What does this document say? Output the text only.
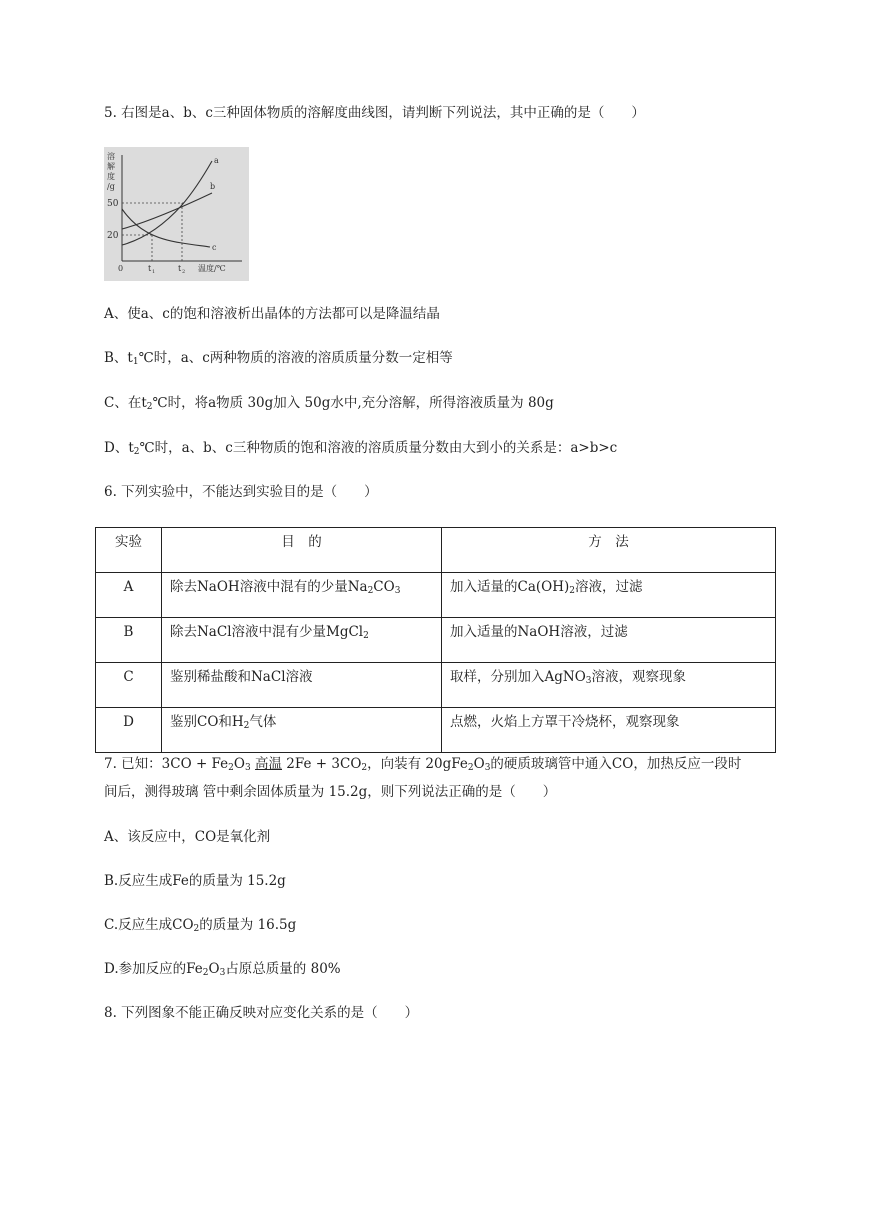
5. 右图是a、b、c三种固体物质的溶解度曲线图，请判断下列说法，其中正确的是（　　）
溶
解
度
/g
50
20
0	t 1	t 2 温度/℃
a
b
c
A、使a、c的饱和溶液析出晶体的方法都可以是降温结晶
B、$t_1℃$时，a、c两种物质的溶液的溶质质量分数一定相等
C、在$t_2℃$时，将a物质 30g加入 50g水中,充分溶解，所得溶液质量为 80g
D、$t_2℃$时，a、b、c三种物质的饱和溶液的溶质质量分数由大到小的关系是：a>b>c
6. 下列实验中，不能达到实验目的是（　　）
实验	目　的	方　法
A	除去NaOH溶液中混有的少量$Na_2CO_3$	加入适量的$Ca(OH)_2$溶液，过滤
B	除去NaCl溶液中混有少量MgCl$_2$	加入适量的NaOH溶液，过滤
C	鉴别稀盐酸和NaCl溶液	取样，分别加入AgNO$_3$溶液，观察现象
D	鉴别CO和$H_2$气体	点燃，火焰上方罩干冷烧杯，观察现象
7. 已知：$3CO + Fe_2O_3$ 高温 $2Fe + 3CO_2$，向装有 $20gFe_2O_3$的硬质玻璃管中通入CO，加热反应一段时
间后，测得玻璃 管中剩余固体质量为 15.2g，则下列说法正确的是（　　）
A、该反应中，CO是氧化剂
B.反应生成Fe的质量为 15.2g
C.反应生成$CO_2$的质量为 16.5g
D.参加反应的$Fe_2O_3$占原总质量的 80%
8. 下列图象不能正确反映对应变化关系的是（　　）
